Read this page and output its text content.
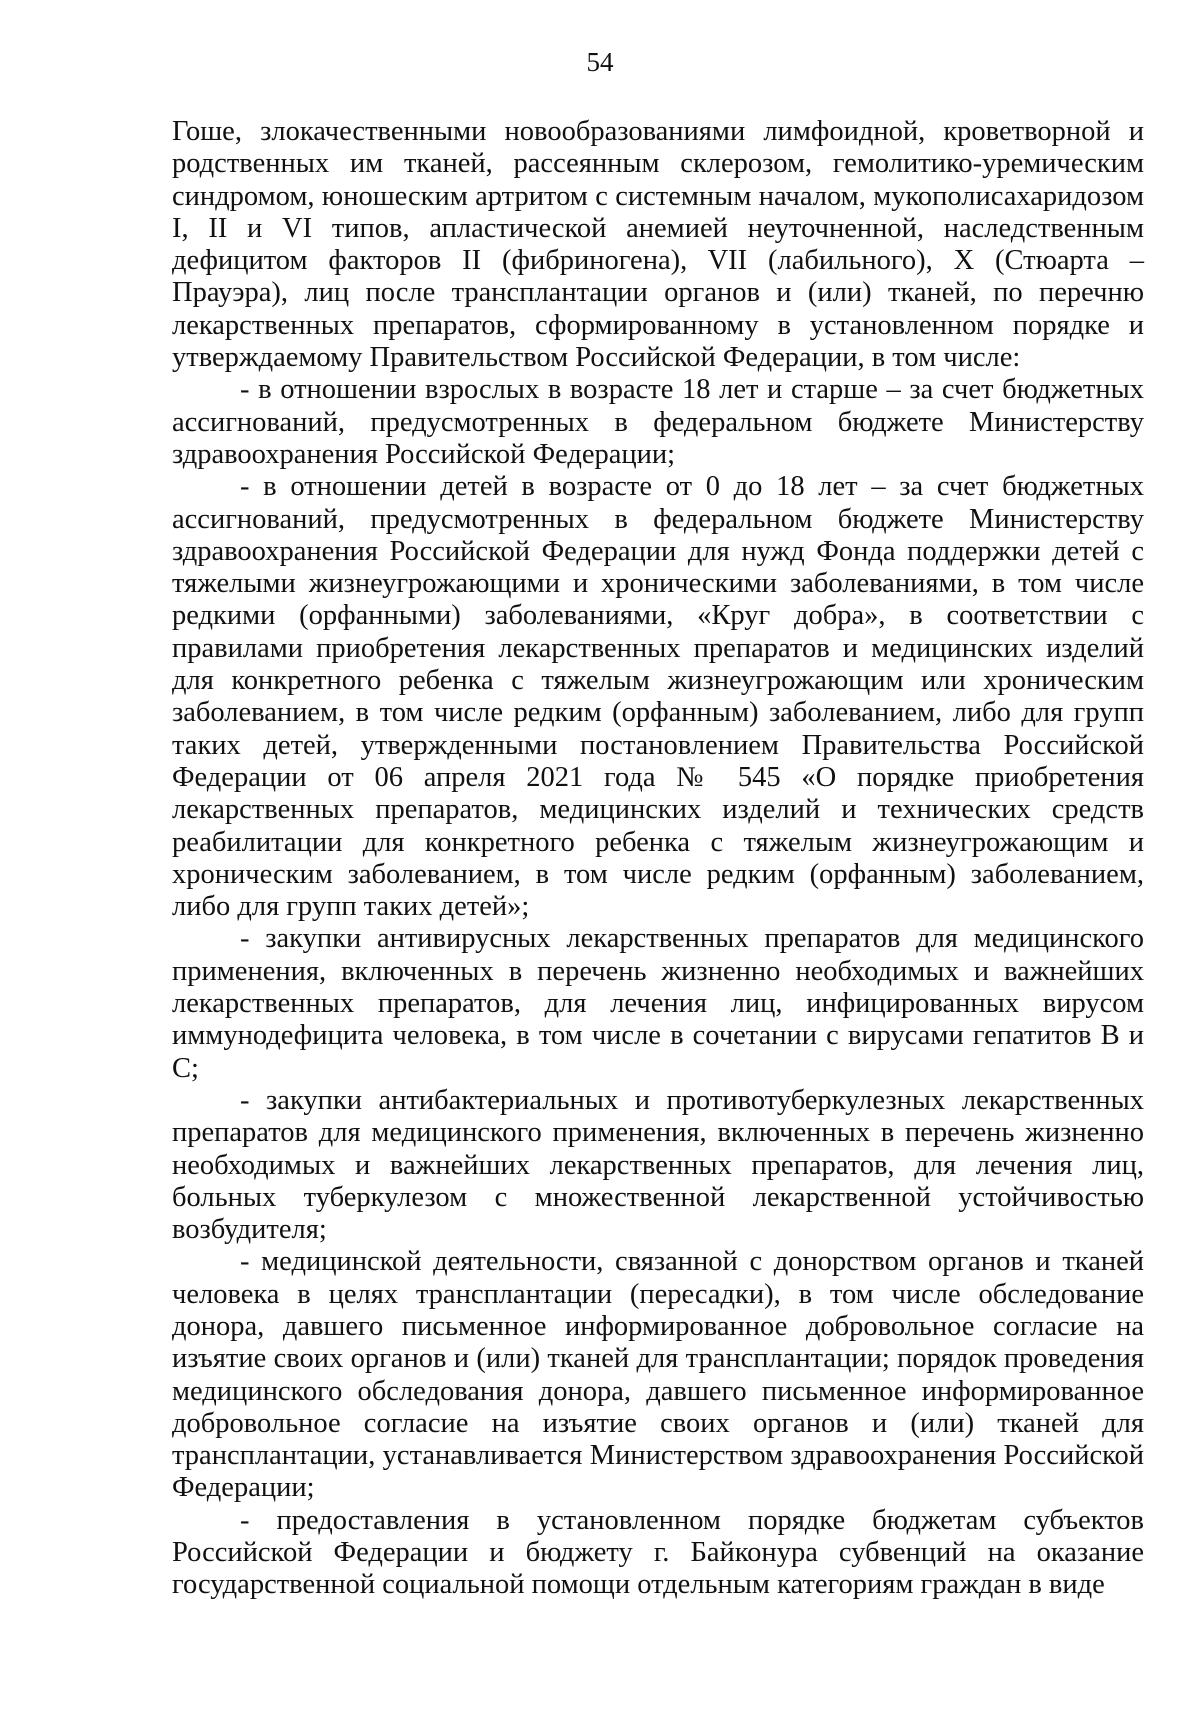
54

Гоше, злокачественными новообразованиями лимфоидной, кроветворной и родственных им тканей, рассеянным склерозом, гемолитико-уремическим синдромом, юношеским артритом с системным началом, мукополисахаридозом I, II и VI типов, апластической анемией неуточненной, наследственным дефицитом факторов II (фибриногена), VII (лабильного), X (Стюарта – Прауэра), лиц после трансплантации органов и (или) тканей, по перечню лекарственных препаратов, сформированному в установленном порядке и утверждаемому Правительством Российской Федерации, в том числе:

- в отношении взрослых в возрасте 18 лет и старше – за счет бюджетных ассигнований, предусмотренных в федеральном бюджете Министерству здравоохранения Российской Федерации;

- в отношении детей в возрасте от 0 до 18 лет – за счет бюджетных ассигнований, предусмотренных в федеральном бюджете Министерству здравоохранения Российской Федерации для нужд Фонда поддержки детей с тяжелыми жизнеугрожающими и хроническими заболеваниями, в том числе редкими (орфанными) заболеваниями, «Круг добра», в соответствии с правилами приобретения лекарственных препаратов и медицинских изделий для конкретного ребенка с тяжелым жизнеугрожающим или хроническим заболеванием, в том числе редким (орфанным) заболеванием, либо для групп таких детей, утвержденными постановлением Правительства Российской Федерации от 06 апреля 2021 года № 545 «О порядке приобретения лекарственных препаратов, медицинских изделий и технических средств реабилитации для конкретного ребенка с тяжелым жизнеугрожающим и хроническим заболеванием, в том числе редким (орфанным) заболеванием, либо для групп таких детей»;

- закупки антивирусных лекарственных препаратов для медицинского применения, включенных в перечень жизненно необходимых и важнейших лекарственных препаратов, для лечения лиц, инфицированных вирусом иммунодефицита человека, в том числе в сочетании с вирусами гепатитов B и C;

- закупки антибактериальных и противотуберкулезных лекарственных препаратов для медицинского применения, включенных в перечень жизненно необходимых и важнейших лекарственных препаратов, для лечения лиц, больных туберкулезом с множественной лекарственной устойчивостью возбудителя;

- медицинской деятельности, связанной с донорством органов и тканей человека в целях трансплантации (пересадки), в том числе обследование донора, давшего письменное информированное добровольное согласие на изъятие своих органов и (или) тканей для трансплантации; порядок проведения медицинского обследования донора, давшего письменное информированное добровольное согласие на изъятие своих органов и (или) тканей для трансплантации, устанавливается Министерством здравоохранения Российской Федерации;

- предоставления в установленном порядке бюджетам субъектов Российской Федерации и бюджету г. Байконура субвенций на оказание государственной социальной помощи отдельным категориям граждан в виде
